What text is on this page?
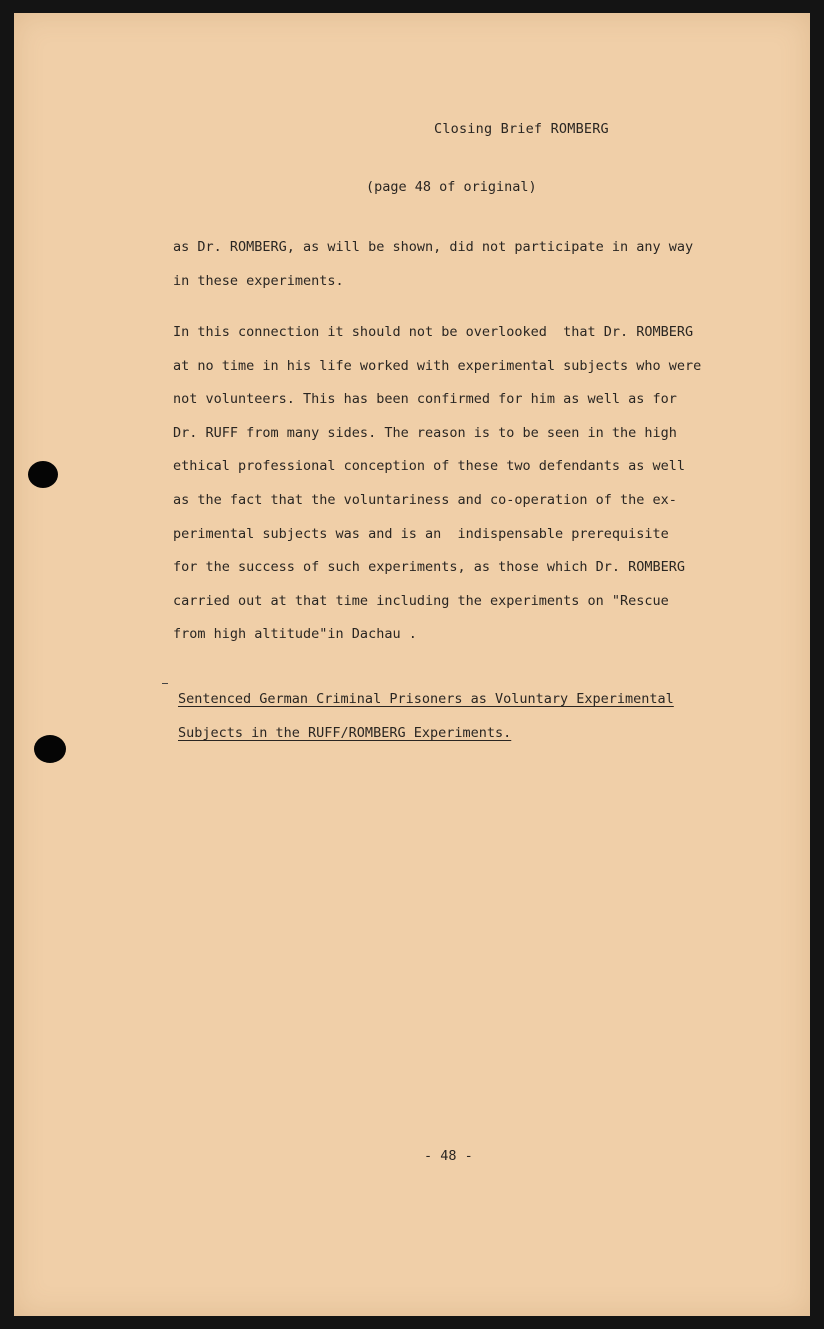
Closing Brief ROMBERG
(page 48 of original)
as Dr. ROMBERG, as will be shown, did not participate in any way
in these experiments.
In this connection it should not be overlooked  that Dr. ROMBERG
at no time in his life worked with experimental subjects who were
not volunteers. This has been confirmed for him as well as for
Dr. RUFF from many sides. The reason is to be seen in the high
ethical professional conception of these two defendants as well
as the fact that the voluntariness and co-operation of the ex-
perimental subjects was and is an  indispensable prerequisite
for the success of such experiments, as those which Dr. ROMBERG
carried out at that time including the experiments on "Rescue
from high altitude"in Dachau .
Sentenced German Criminal Prisoners as Voluntary Experimental
Subjects in the RUFF/ROMBERG Experiments.
- 48 -
